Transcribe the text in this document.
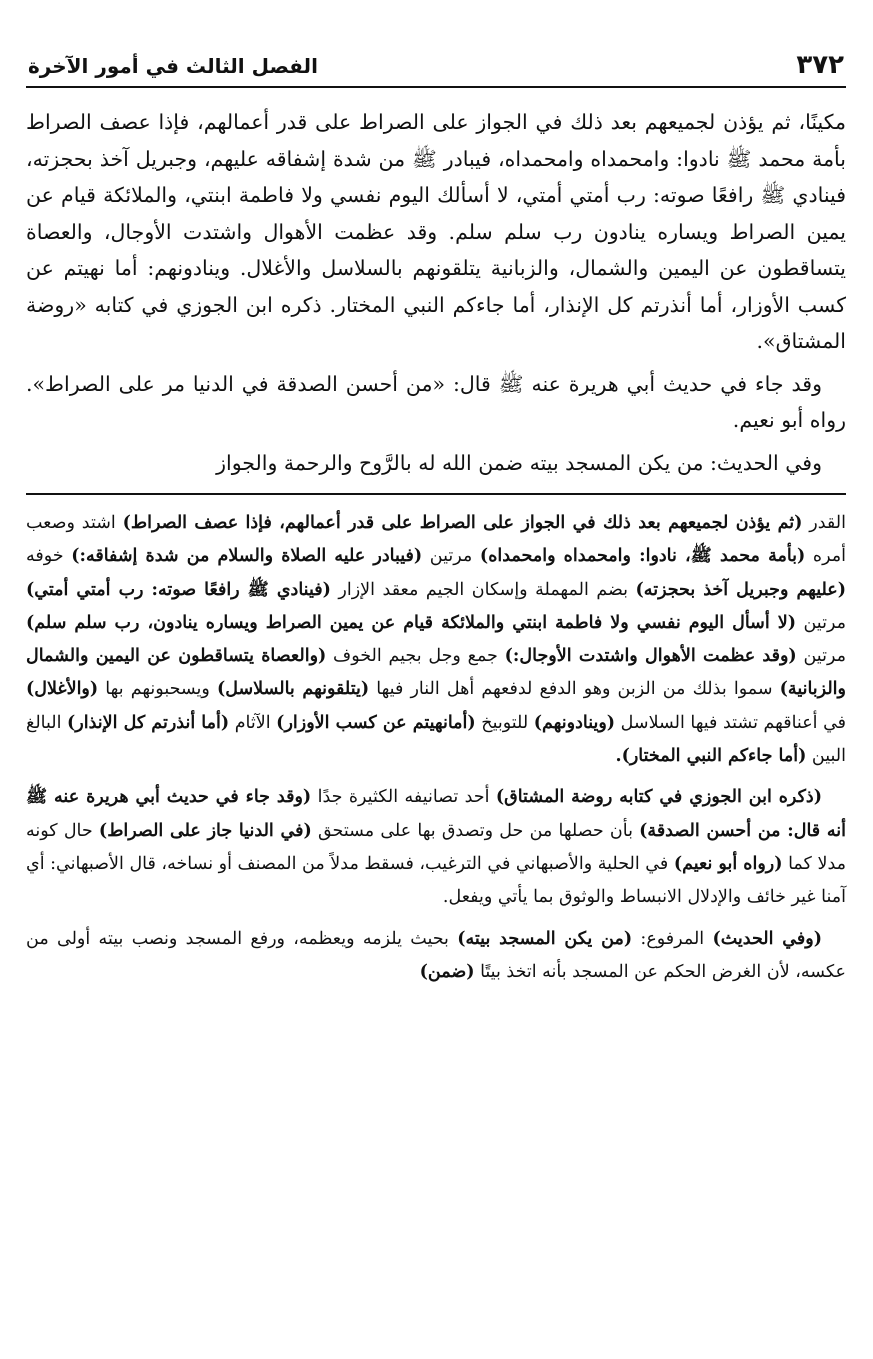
٣٧٢
الفصل الثالث في أمور الآخرة

مكينًا، ثم يؤذن لجميعهم بعد ذلك في الجواز على الصراط على قدر أعمالهم، فإذا عصف الصراط بأمة محمد ﷺ نادوا: وامحمداه وامحمداه، فيبادر ﷺ من شدة إشفاقه عليهم، وجبريل آخذ بحجزته، فينادي ﷺ رافعًا صوته: رب أمتي أمتي، لا أسألك اليوم نفسي ولا فاطمة ابنتي، والملائكة قيام عن يمين الصراط ويساره ينادون رب سلم سلم. وقد عظمت الأهوال واشتدت الأوجال، والعصاة يتساقطون عن اليمين والشمال، والزبانية يتلقونهم بالسلاسل والأغلال. وينادونهم: أما نهيتم عن كسب الأوزار، أما أنذرتم كل الإنذار، أما جاءكم النبي المختار. ذكره ابن الجوزي في كتابه «روضة المشتاق».

وقد جاء في حديث أبي هريرة عنه ﷺ قال: «من أحسن الصدقة في الدنيا مر على الصراط». رواه أبو نعيم.

وفي الحديث: من يكن المسجد بيته ضمن الله له بالرَّوح والرحمة والجواز

القدر (ثم يؤذن لجميعهم بعد ذلك في الجواز على الصراط على قدر أعمالهم، فإذا عصف الصراط) اشتد وصعب أمره (بأمة محمد ﷺ، نادوا: وامحمداه وامحمداه) مرتين (فيبادر عليه الصلاة والسلام من شدة إشفاقه:) خوفه (عليهم وجبريل آخذ بحجزته) بضم المهملة وإسكان الجيم معقد الإزار (فينادي ﷺ رافعًا صوته: رب أمتي أمتي) مرتين (لا أسأل اليوم نفسي ولا فاطمة ابنتي والملائكة قيام عن يمين الصراط ويساره ينادون، رب سلم سلم) مرتين (وقد عظمت الأهوال واشتدت الأوجال:) جمع وجل بجيم الخوف (والعصاة يتساقطون عن اليمين والشمال والزبانية) سموا بذلك من الزبن وهو الدفع لدفعهم أهل النار فيها (يتلقونهم بالسلاسل) ويسحبونهم بها (والأغلال) في أعناقهم تشتد فيها السلاسل (وينادونهم) للتوبيخ (أمانهيتم عن كسب الأوزار) الآثام (أما أنذرتم كل الإنذار) البالغ البين (أما جاءكم النبي المختار).

(ذكره ابن الجوزي في كتابه روضة المشتاق) أحد تصانيفه الكثيرة جدًا (وقد جاء في حديث أبي هريرة عنه ﷺ أنه قال: من أحسن الصدقة) بأن حصلها من حل وتصدق بها على مستحق (في الدنيا جاز على الصراط) حال كونه مدلا كما (رواه أبو نعيم) في الحلية والأصبهاني في الترغيب، فسقط مدلاً من المصنف أو نساخه، قال الأصبهاني: أي آمنا غير خائف والإدلال الانبساط والوثوق بما يأتي ويفعل.

(وفي الحديث) المرفوع: (من يكن المسجد بيته) بحيث يلزمه ويعظمه، ورفع المسجد ونصب بيته أولى من عكسه، لأن الغرض الحكم عن المسجد بأنه اتخذ بيتًا (ضمن)
